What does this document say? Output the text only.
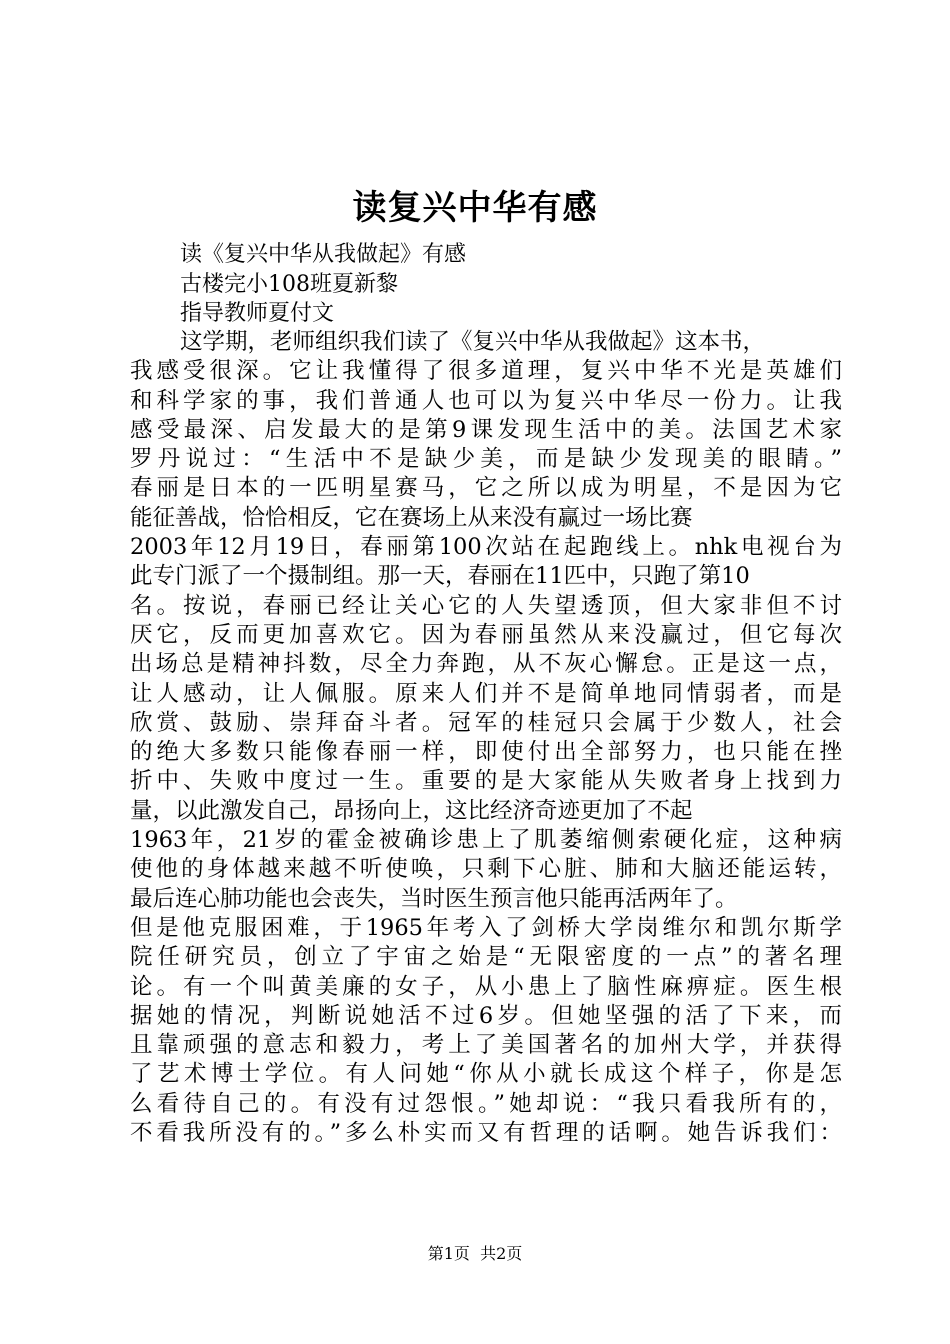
读复兴中华有感
读《复兴中华从我做起》有感
古楼完小108班夏新黎
指导教师夏付文
这学期，老师组织我们读了《复兴中华从我做起》这本书，
我感受很深。它让我懂得了很多道理，复兴中华不光是英雄们
和科学家的事，我们普通人也可以为复兴中华尽一份力。让我
感受最深、启发最大的是第9课发现生活中的美。法国艺术家
罗丹说过：“生活中不是缺少美，而是缺少发现美的眼睛。”
春丽是日本的一匹明星赛马，它之所以成为明星，不是因为它
能征善战，恰恰相反，它在赛场上从来没有赢过一场比赛
2003年12月19日，春丽第100次站在起跑线上。nhk电视台为
此专门派了一个摄制组。那一天，春丽在11匹中，只跑了第10
名。按说，春丽已经让关心它的人失望透顶，但大家非但不讨
厌它，反而更加喜欢它。因为春丽虽然从来没赢过，但它每次
出场总是精神抖数，尽全力奔跑，从不灰心懈怠。正是这一点，
让人感动，让人佩服。原来人们并不是简单地同情弱者，而是
欣赏、鼓励、崇拜奋斗者。冠军的桂冠只会属于少数人，社会
的绝大多数只能像春丽一样，即使付出全部努力，也只能在挫
折中、失败中度过一生。重要的是大家能从失败者身上找到力
量，以此激发自己，昂扬向上，这比经济奇迹更加了不起
1963年，21岁的霍金被确诊患上了肌萎缩侧索硬化症，这种病
使他的身体越来越不听使唤，只剩下心脏、肺和大脑还能运转，
最后连心肺功能也会丧失，当时医生预言他只能再活两年了。
但是他克服困难，于1965年考入了剑桥大学岗维尔和凯尔斯学
院任研究员，创立了宇宙之始是“无限密度的一点”的著名理
论。有一个叫黄美廉的女子，从小患上了脑性麻痹症。医生根
据她的情况，判断说她活不过6岁。但她坚强的活了下来，而
且靠顽强的意志和毅力，考上了美国著名的加州大学，并获得
了艺术博士学位。有人问她“你从小就长成这个样子，你是怎
么看待自己的。有没有过怨恨。”她却说：“我只看我所有的，
不看我所没有的。”多么朴实而又有哲理的话啊。她告诉我们：
第1页  共2页
